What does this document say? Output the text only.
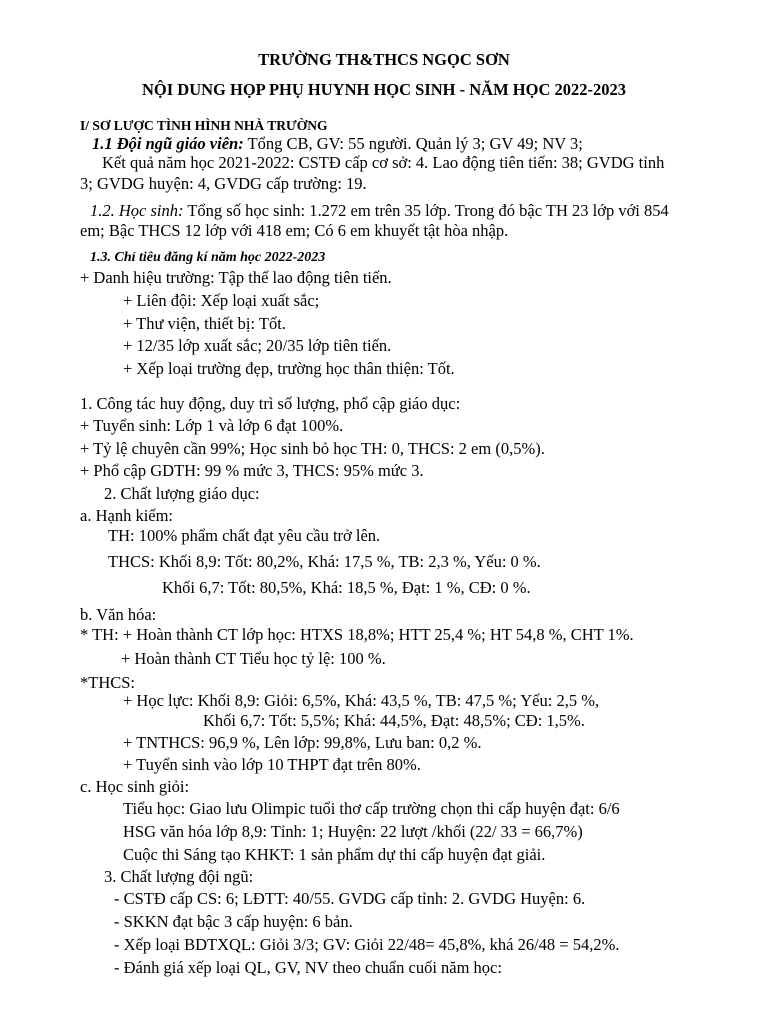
TRƯỜNG TH&THCS NGỌC SƠN
NỘI DUNG HỌP PHỤ HUYNH HỌC SINH - NĂM HỌC 2022-2023
I/ SƠ LƯỢC TÌNH HÌNH NHÀ TRƯỜNG
1.1 Đội ngũ giáo viên: Tổng CB, GV: 55 người. Quản lý 3; GV 49; NV 3;
Kết quả năm học 2021-2022: CSTĐ cấp cơ sở: 4. Lao động tiên tiến: 38; GVDG tỉnh
3; GVDG huyện: 4, GVDG cấp trường: 19.
1.2. Học sinh: Tổng số học sinh: 1.272 em trên 35 lớp. Trong đó bậc TH 23 lớp với 854
em; Bậc THCS 12 lớp với 418 em; Có 6 em khuyết tật hòa nhập.
1.3. Chỉ tiêu đăng kí năm học 2022-2023
+ Danh hiệu trường: Tập thể lao động tiên tiến.
+ Liên đội: Xếp loại xuất sắc;
+ Thư viện, thiết bị: Tốt.
+ 12/35 lớp xuất sắc; 20/35 lớp tiên tiến.
+ Xếp loại trường đẹp, trường học thân thiện: Tốt.
1. Công tác huy động, duy trì số lượng, phổ cập giáo dục:
+ Tuyển sinh: Lớp 1 và lớp 6 đạt 100%.
+ Tỷ lệ chuyên cần 99%; Học sinh bỏ học TH: 0, THCS: 2 em (0,5%).
+ Phổ cập GDTH: 99 % mức 3, THCS: 95% mức 3.
2. Chất lượng giáo dục:
a. Hạnh kiểm:
TH: 100% phẩm chất đạt yêu cầu trở lên.
THCS: Khối 8,9: Tốt: 80,2%, Khá: 17,5 %, TB: 2,3 %, Yếu: 0 %.
Khối 6,7: Tốt: 80,5%, Khá: 18,5 %, Đạt: 1 %, CĐ: 0 %.
b. Văn hóa:
* TH: + Hoàn thành CT lớp học: HTXS 18,8%; HTT 25,4 %; HT 54,8 %, CHT 1%.
+ Hoàn thành CT Tiểu học tỷ lệ: 100 %.
*THCS:
+ Học lực: Khối 8,9: Giỏi: 6,5%, Khá: 43,5 %, TB: 47,5 %; Yếu: 2,5 %,
Khối 6,7: Tốt: 5,5%; Khá: 44,5%, Đạt: 48,5%; CĐ: 1,5%.
+ TNTHCS: 96,9 %, Lên lớp: 99,8%, Lưu ban: 0,2 %.
+ Tuyển sinh vào lớp 10 THPT đạt trên 80%.
c. Học sinh giỏi:
Tiểu học: Giao lưu Olimpic tuổi thơ cấp trường chọn thi cấp huyện đạt: 6/6
HSG văn hóa lớp 8,9: Tỉnh: 1; Huyện: 22 lượt /khối (22/ 33 = 66,7%)
Cuộc thi Sáng tạo KHKT: 1 sản phẩm dự thi cấp huyện đạt giải.
3. Chất lượng đội ngũ:
- CSTĐ cấp CS: 6; LĐTT: 40/55. GVDG cấp tỉnh: 2. GVDG Huyện: 6.
- SKKN đạt bậc 3 cấp huyện: 6 bản.
- Xếp loại BDTXQL: Giỏi 3/3; GV: Giỏi 22/48= 45,8%, khá 26/48 = 54,2%.
- Đánh giá xếp loại QL, GV, NV theo chuẩn cuối năm học:
